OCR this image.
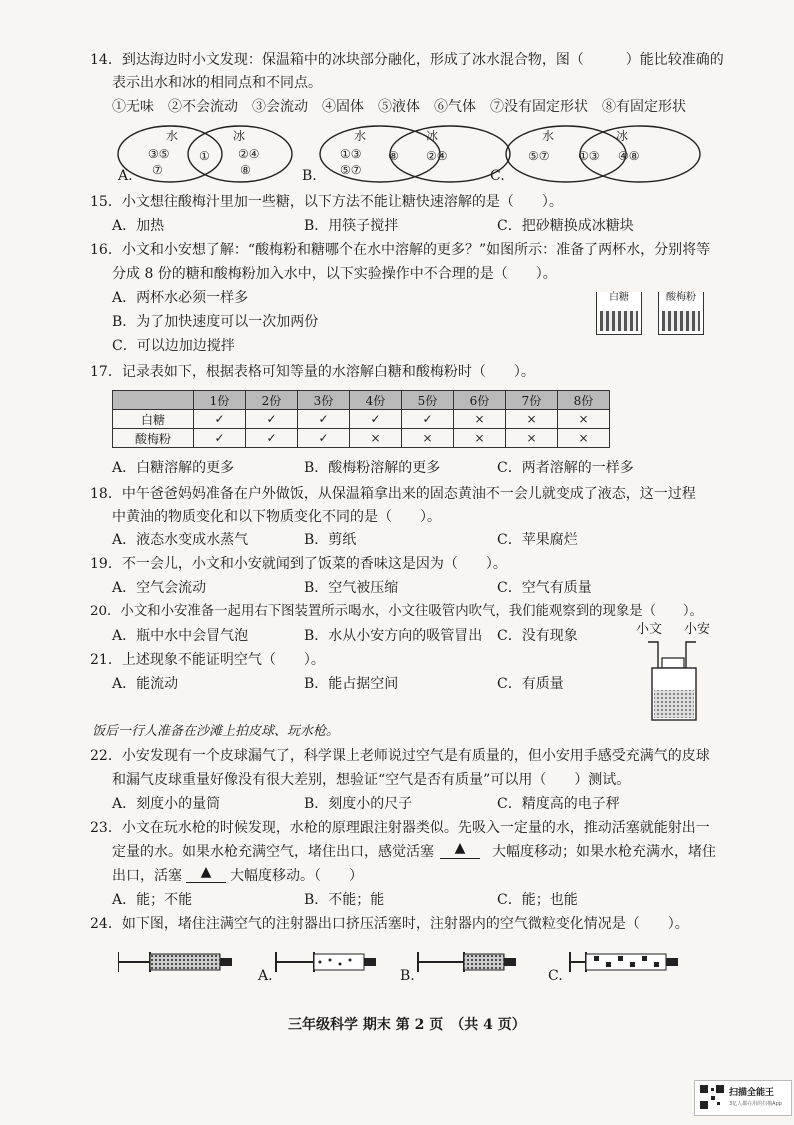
14．到达海边时小文发现：保温箱中的冰块部分融化，形成了冰水混合物，图（　　　）能比较准确的
表示出水和冰的相同点和不同点。
①无味　②不会流动　③会流动　④固体　⑤液体　⑥气体　⑦没有固定形状　⑧有固定形状
水	冰
③⑤
⑦
① ②④
⑧
水	冰
①③
⑤⑦
⑧ ②④
水	冰
⑤⑦ ①③ ④⑧
A.	B.	C.
15．小文想往酸梅汁里加一些糖，以下方法不能让糖快速溶解的是（　　）。
A．加热	B．用筷子搅拌	C．把砂糖换成冰糖块
16．小文和小安想了解：“酸梅粉和糖哪个在水中溶解的更多？”如图所示：准备了两杯水，分别将等
分成 8 份的糖和酸梅粉加入水中，以下实验操作中不合理的是（　　）。
A．两杯水必须一样多
B．为了加快速度可以一次加两份
C．可以边加边搅拌
白糖	酸梅粉
17．记录表如下，根据表格可知等量的水溶解白糖和酸梅粉时（　　）。
	1份	2份	3份	4份	5份	6份	7份	8份
白糖	✓	✓	✓	✓	✓	×	×	×
酸梅粉	✓	✓	✓	×	×	×	×	×
A．白糖溶解的更多	B．酸梅粉溶解的更多	C．两者溶解的一样多
18．中午爸爸妈妈准备在户外做饭，从保温箱拿出来的固态黄油不一会儿就变成了液态，这一过程
中黄油的物质变化和以下物质变化不同的是（　　）。
A．液态水变成水蒸气	B．剪纸	C．苹果腐烂
19．不一会儿，小文和小安就闻到了饭菜的香味这是因为（　　）。
A．空气会流动	B．空气被压缩	C．空气有质量
20．小文和小安准备一起用右下图装置所示喝水，小文往吸管内吹气，我们能观察到的现象是（　　）。
A．瓶中水中会冒气泡	B．水从小安方向的吸管冒出 C．没有现象	小文 小安
21．上述现象不能证明空气（　　）。
A．能流动	B．能占据空间	C．有质量
饭后一行人准备在沙滩上拍皮球、玩水枪。
22．小安发现有一个皮球漏气了，科学课上老师说过空气是有质量的，但小安用手感受充满气的皮球
和漏气皮球重量好像没有很大差别，想验证“空气是否有质量”可以用（　　）测试。
A．刻度小的量筒	B．刻度小的尺子	C．精度高的电子秤
23．小文在玩水枪的时候发现，水枪的原理跟注射器类似。先吸入一定量的水，推动活塞就能射出一
定量的水。如果水枪充满空气，堵住出口，感觉活塞	▲	大幅度移动；如果水枪充满水，堵住
出口，活塞	▲	大幅度移动。（　　）
A．能；不能	B．不能；能	C．能；也能
24．如下图，堵住注满空气的注射器出口挤压活塞时，注射器内的空气微粒变化情况是（　　）。
A.	B.	C.
三年级科学 期末 第 2 页　（共 4 页）
扫描全能王
3亿人都在用的扫描App
